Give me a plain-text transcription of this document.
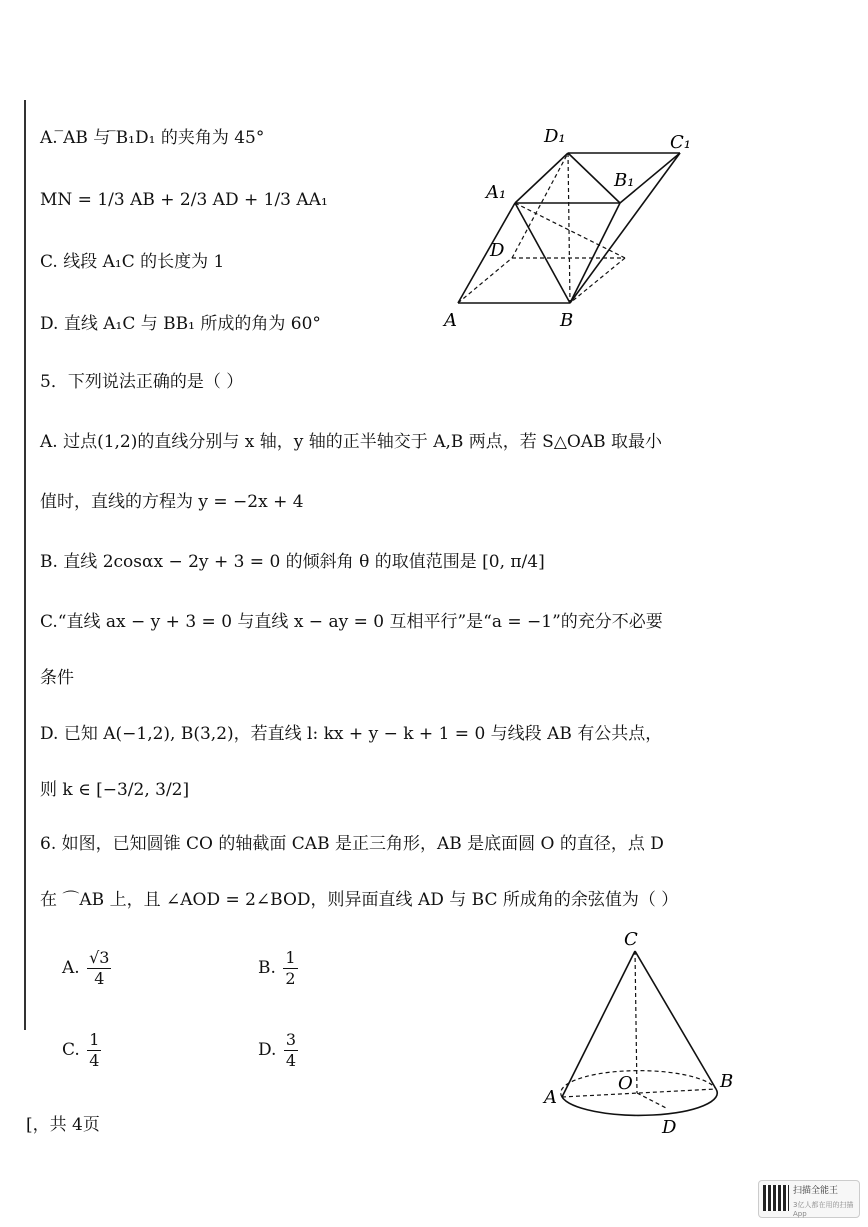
A. ̅AB 与 ̅B₁D₁ 的夹角为 45°
MN = 1/3 AB + 2/3 AD + 1/3 AA₁
C. 线段 A₁C 的长度为 1
D. 直线 A₁C 与 BB₁ 所成的角为 60°
D₁	C₁
A₁
B₁
D
A	B
5．下列说法正确的是（ ）
A. 过点(1,2)的直线分别与 x 轴，y 轴的正半轴交于 A,B 两点，若 S△OAB 取最小
值时，直线的方程为 y = −2x + 4
B. 直线 2cosαx − 2y + 3 = 0 的倾斜角 θ 的取值范围是 [0, π/4]
C.“直线 ax − y + 3 = 0 与直线 x − ay = 0 互相平行”是“a = −1”的充分不必要
条件
D. 已知 A(−1,2), B(3,2)，若直线 l: kx + y − k + 1 = 0 与线段 AB 有公共点，
则 k ∈ [−3/2, 3/2]
6. 如图，已知圆锥 CO 的轴截面 CAB 是正三角形，AB 是底面圆 O 的直径，点 D
在 ⌒AB 上，且 ∠AOD = 2∠BOD，则异面直线 AD 与 BC 所成角的余弦值为（ ）
A. $\frac{√3}{4}$	B. $\frac{1}{2}$
C. $\frac{1}{4}$	D. $\frac{3}{4}$
C
O
A
B
D
[，共 4页
扫描全能王
3亿人都在用的扫描App
